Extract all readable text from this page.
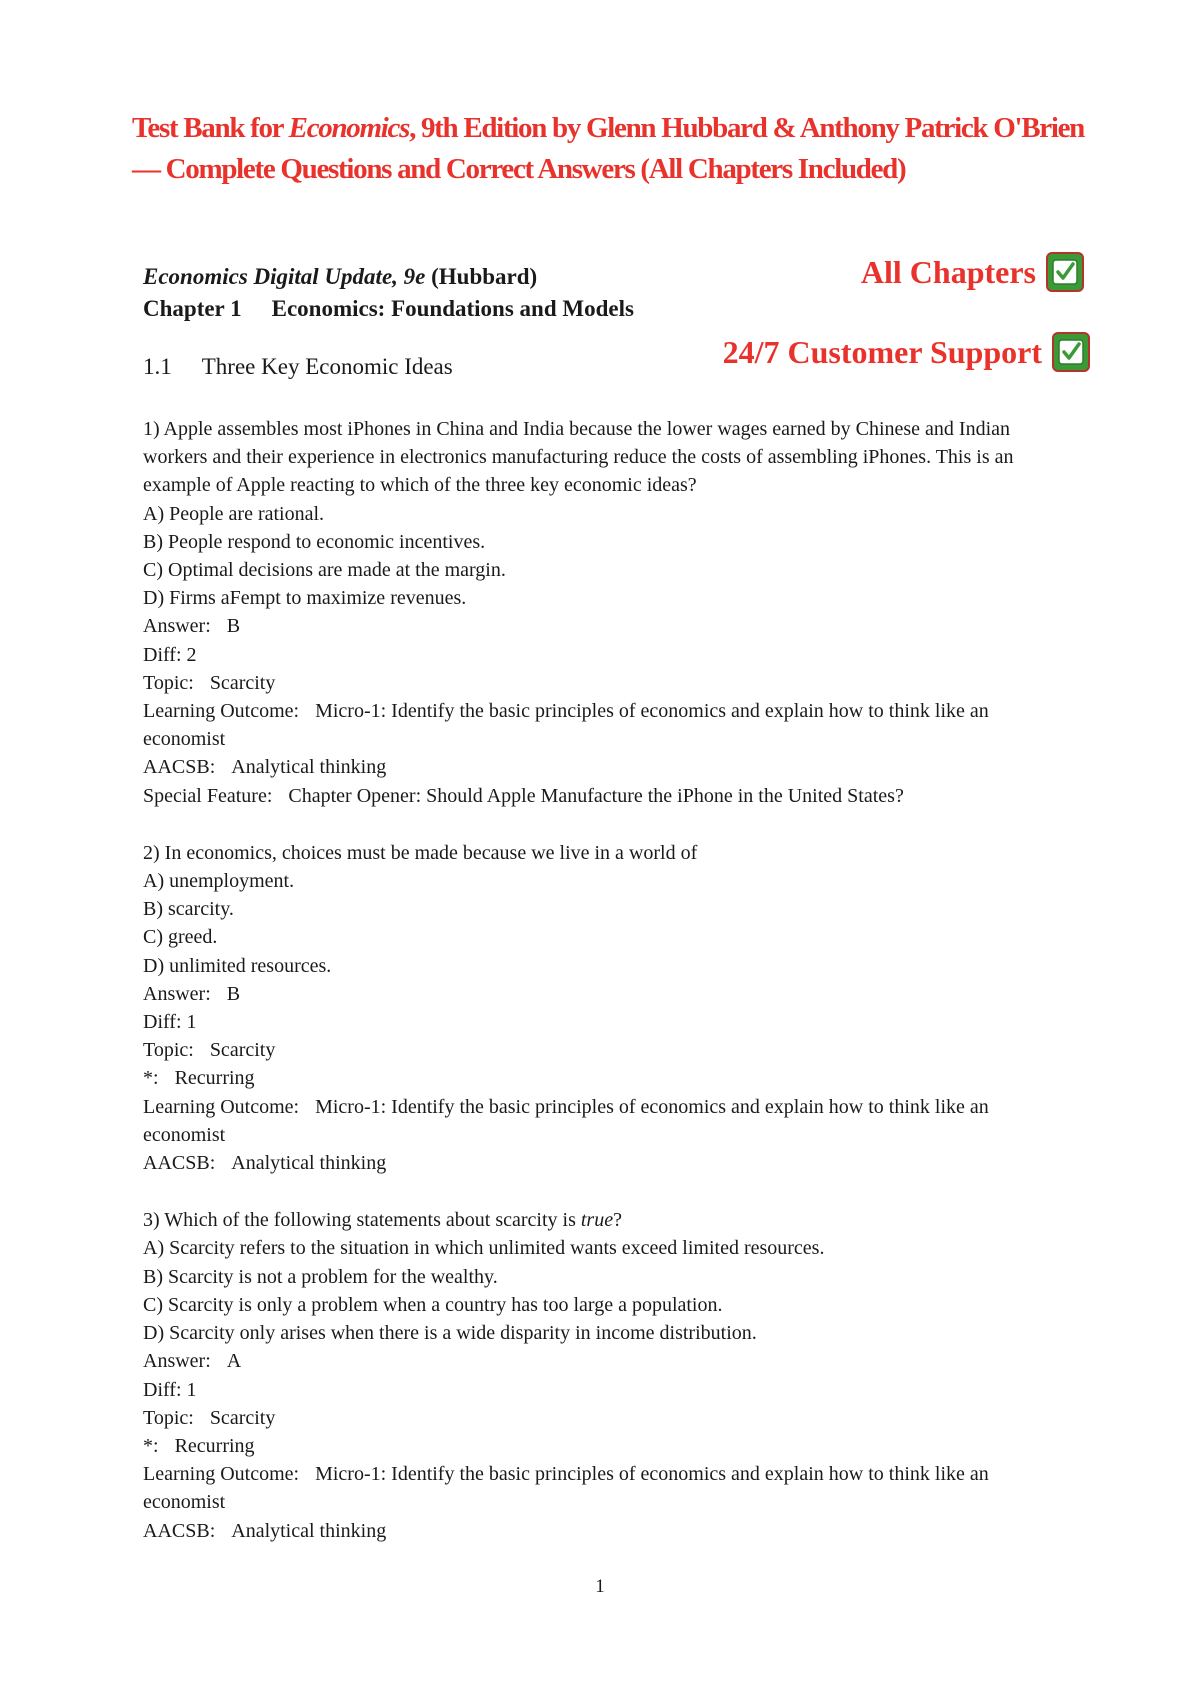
Test Bank for Economics, 9th Edition by Glenn Hubbard & Anthony Patrick O'Brien — Complete Questions and Correct Answers (All Chapters Included)
Economics Digital Update, 9e (Hubbard)
Chapter 1 Economics: Foundations and Models
1.1 Three Key Economic Ideas
All Chapters
24/7 Customer Support

1) Apple assembles most iPhones in China and India because the lower wages earned by Chinese and Indian workers and their experience in electronics manufacturing reduce the costs of assembling iPhones. This is an example of Apple reacting to which of the three key economic ideas?

A) People are rational.

B) People respond to economic incentives.

C) Optimal decisions are made at the margin.

D) Firms aFempt to maximize revenues.

Answer: B

Diff: 2

Topic: Scarcity

Learning Outcome: Micro-1: Identify the basic principles of economics and explain how to think like an economist

AACSB: Analytical thinking

Special Feature: Chapter Opener: Should Apple Manufacture the iPhone in the United States?

2) In economics, choices must be made because we live in a world of

A) unemployment.

B) scarcity.

C) greed.

D) unlimited resources.

Answer: B

Diff: 1

Topic: Scarcity

*: Recurring

Learning Outcome: Micro-1: Identify the basic principles of economics and explain how to think like an economist

AACSB: Analytical thinking

3) Which of the following statements about scarcity is true?

A) Scarcity refers to the situation in which unlimited wants exceed limited resources.

B) Scarcity is not a problem for the wealthy.

C) Scarcity is only a problem when a country has too large a population.

D) Scarcity only arises when there is a wide disparity in income distribution.

Answer: A

Diff: 1

Topic: Scarcity

*: Recurring

Learning Outcome: Micro-1: Identify the basic principles of economics and explain how to think like an economist

AACSB: Analytical thinking

1
